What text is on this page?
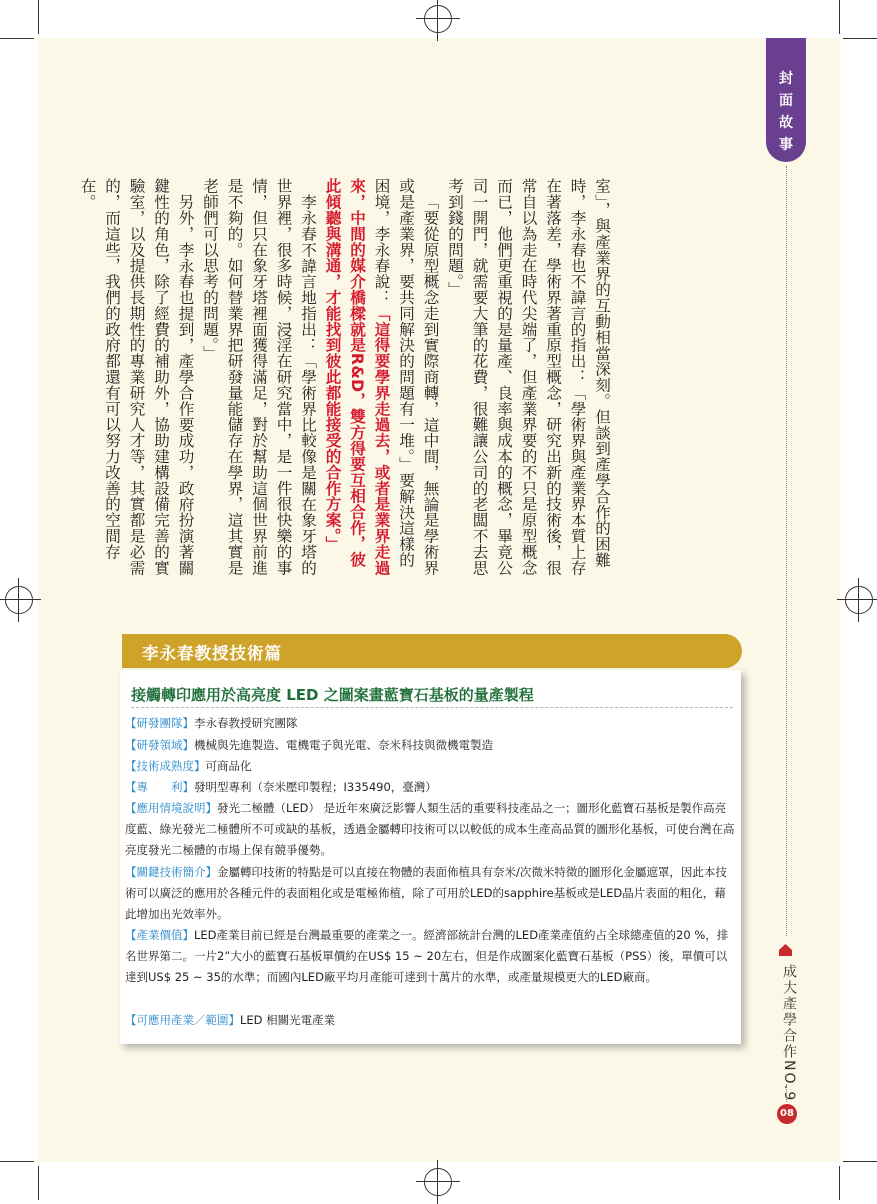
封
面
故
事

室」，與產業界的互動相當深刻。但談到產學合作的困難時，李永春也不諱言的指出：「學術界與產業界本質上存在著落差，學術界著重原型概念，研究出新的技術後，很常自以為走在時代尖端了，但產業界要的不只是原型概念而已，他們更重視的是量產、良率與成本的概念，畢竟公司一開門，就需要大筆的花費，很難讓公司的老闆不去思考到錢的問題。」

「要從原型概念走到實際商轉，這中間，無論是學術界或是產業界，要共同解決的問題有一堆。」要解決這樣的困境，李永春說：「這得要學界走過去，或者是業界走過來，中間的媒介橋樑就是R&D，雙方得要互相合作，彼此傾聽與溝通，才能找到彼此都能接受的合作方案。」

李永春不諱言地指出：「學術界比較像是關在象牙塔的世界裡，很多時候，浸淫在研究當中，是一件很快樂的事情，但只在象牙塔裡面獲得滿足，對於幫助這個世界前進是不夠的。如何替業界把研發量能儲存在學界，這其實是老師們可以思考的問題。」

另外，李永春也提到，產學合作要成功，政府扮演著關鍵性的角色，除了經費的補助外，協助建構設備完善的實驗室，以及提供長期性的專業研究人才等，其實都是必需的，而這些，我們的政府都還有可以努力改善的空間存在。

李永春教授技術篇
接觸轉印應用於高亮度 LED 之圖案畫藍寶石基板的量產製程
【研發團隊】李永春教授研究團隊
【研發領域】機械與先進製造、電機電子與光電、奈米科技與微機電製造
【技術成熟度】可商品化
【專　　利】發明型專利（奈米壓印製程；I335490，臺灣）
【應用情境說明】發光二極體（LED） 是近年來廣泛影響人類生活的重要科技產品之一；圖形化藍寶石基板是製作高亮度藍、綠光發光二極體所不可或缺的基板，透過金屬轉印技術可以以較低的成本生產高品質的圖形化基板，可使台灣在高亮度發光二極體的市場上保有競爭優勢。
【關鍵技術簡介】金屬轉印技術的特點是可以直接在物體的表面佈植具有奈米/次微米特徵的圖形化金屬遮罩，因此本技術可以廣泛的應用於各種元件的表面粗化或是電極佈植，除了可用於LED的sapphire基板或是LED晶片表面的粗化，藉此增加出光效率外。
【產業價值】LED產業目前已經是台灣最重要的產業之一。經濟部統計台灣的LED產業產值約占全球總產值的20 %，排名世界第二。一片2”大小的藍寶石基板單價約在US$ 15 ~ 20左右，但是作成圖案化藍寶石基板（PSS）後，單價可以達到US$ 25 ~ 35的水準；而國內LED廠平均月產能可達到十萬片的水準，或產量規模更大的LED廠商。
【可應用產業／範圍】LED 相關光電產業	成大產學合作NO.9
08
